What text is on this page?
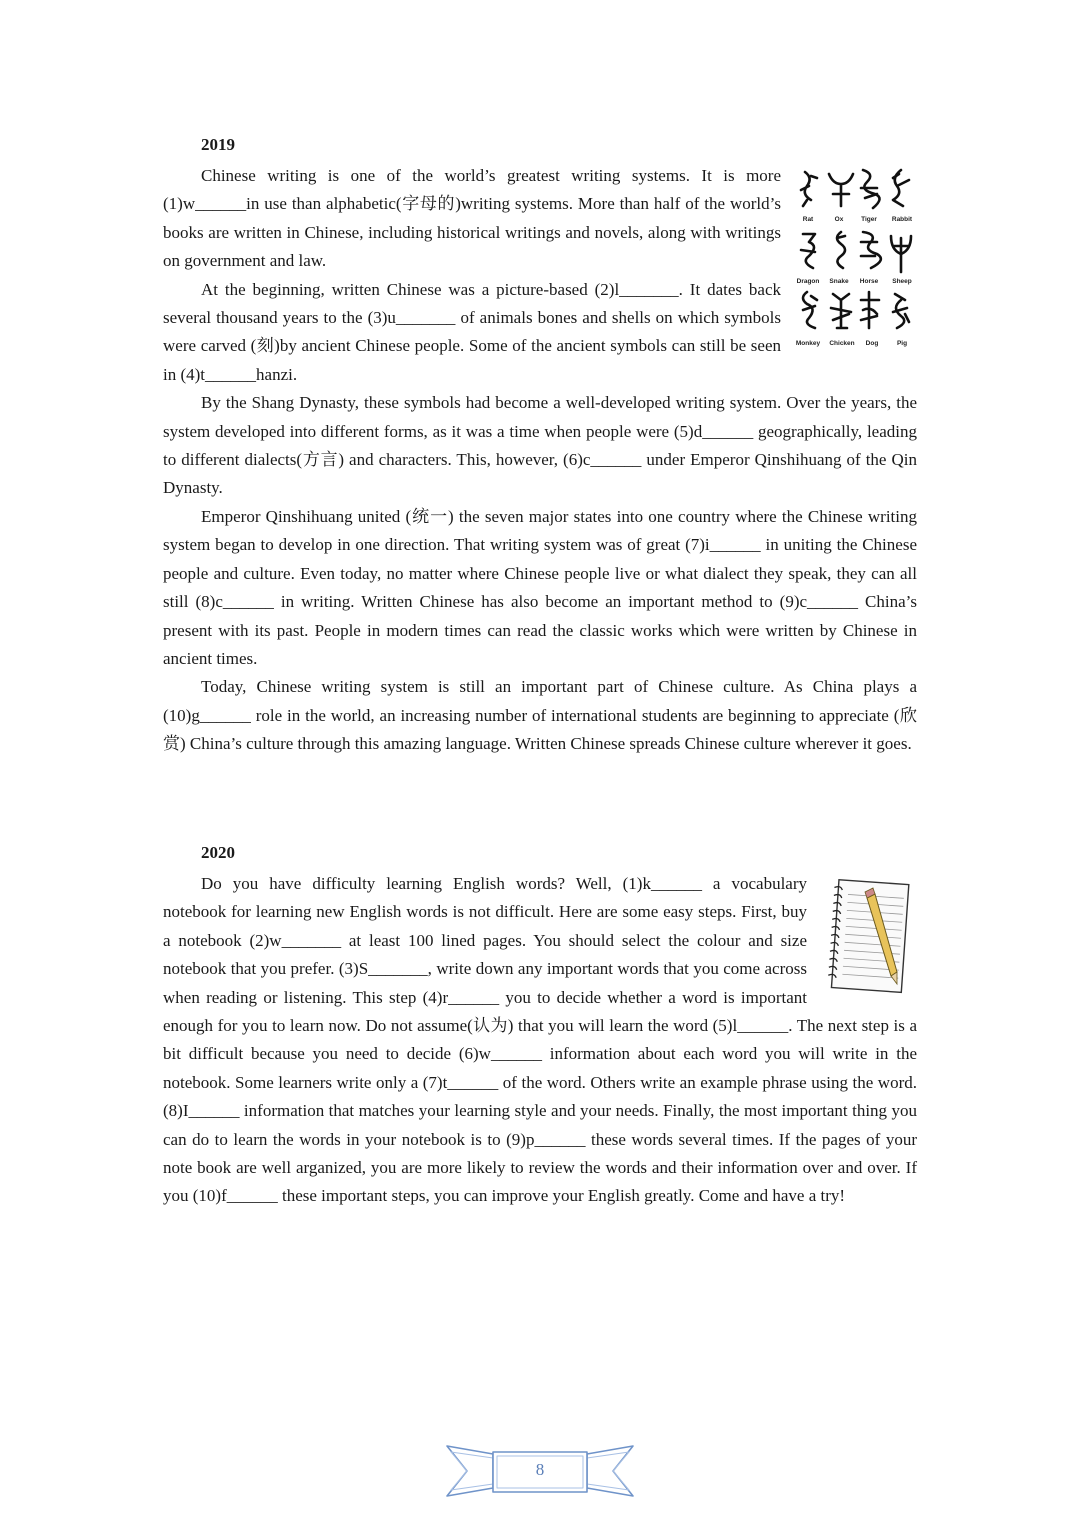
2019
Rat	Ox	Tiger Rabbit
Dragon Snake Horse Sheep
Monkey Chicken Dog	Pig

Chinese writing is one of the world’s greatest writing systems. It is more (1)w______in use than alphabetic(字母的)writing systems. More than half of the world’s books are written in Chinese, including historical writings and novels, along with writings on government and law.

At the beginning, written Chinese was a picture-based (2)l_______. It dates back several thousand years to the (3)u_______ of animals bones and shells on which symbols were carved (刻)by ancient Chinese people. Some of the ancient symbols can still be seen in (4)t______hanzi.

By the Shang Dynasty, these symbols had become a well-developed writing system. Over the years, the system developed into different forms, as it was a time when people were (5)d______ geographically, leading to different dialects(方言) and characters. This, however, (6)c______ under Emperor Qinshihuang of the Qin Dynasty.

Emperor Qinshihuang united (统一) the seven major states into one country where the Chinese writing system began to develop in one direction. That writing system was of great (7)i______ in uniting the Chinese people and culture. Even today, no matter where Chinese people live or what dialect they speak, they can all still (8)c______ in writing. Written Chinese has also become an important method to (9)c______ China’s present with its past. People in modern times can read the classic works which were written by Chinese in ancient times.

Today, Chinese writing system is still an important part of Chinese culture. As China plays a (10)g______ role in the world, an increasing number of international students are beginning to appreciate (欣赏) China’s culture through this amazing language. Written Chinese spreads Chinese culture wherever it goes.

2020

Do you have difficulty learning English words? Well, (1)k______ a vocabulary notebook for learning new English words is not difficult. Here are some easy steps. First, buy a notebook (2)w_______ at least 100 lined pages. You should select the colour and size notebook that you prefer. (3)S_______, write down any important words that you come across when reading or listening. This step (4)r______ you to decide whether a word is important enough for you to learn now. Do not assume(认为) that you will learn the word (5)l______. The next step is a bit difficult because you need to decide (6)w______ information about each word you will write in the notebook. Some learners write only a (7)t______ of the word. Others write an example phrase using the word. (8)I______ information that matches your learning style and your needs. Finally, the most important thing you can do to learn the words in your notebook is to (9)p______ these words several times. If the pages of your note book are well arganized, you are more likely to review the words and their information over and over. If you (10)f______ these important steps, you can improve your English greatly. Come and have a try!

8
